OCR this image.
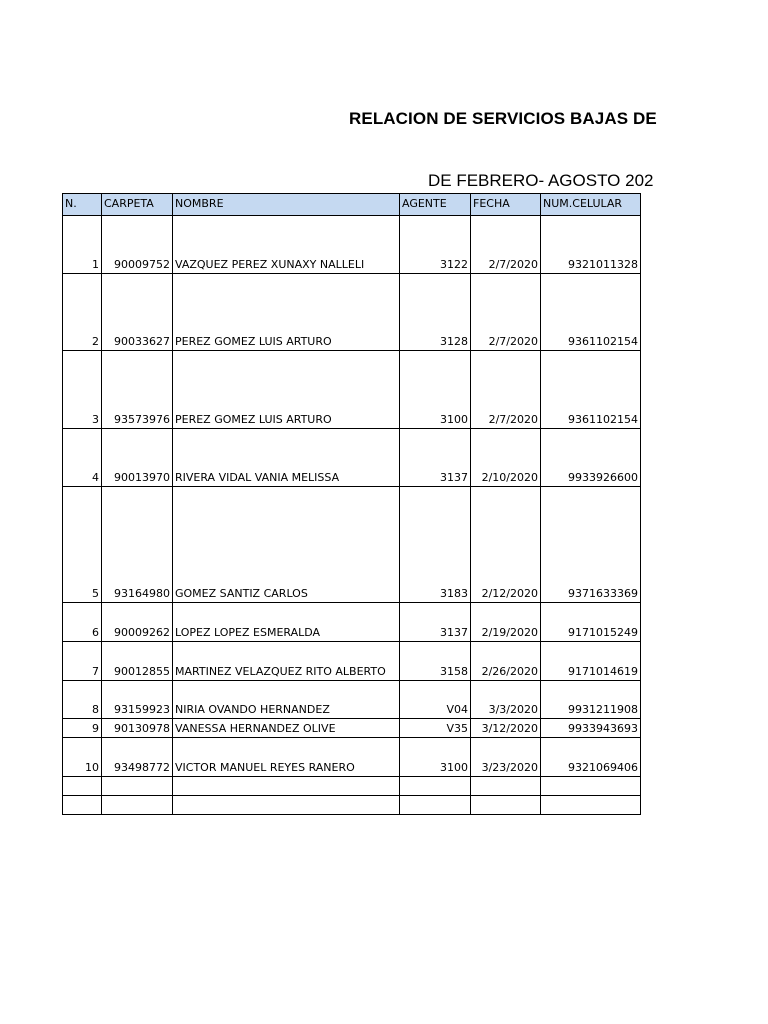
RELACION DE SERVICIOS BAJAS DE
DE FEBRERO- AGOSTO 202
N.	CARPETA	NOMBRE	AGENTE	FECHA	NUM.CELULAR
1	90009752	VAZQUEZ PEREZ XUNAXY NALLELI	3122	2/7/2020	9321011328
2	90033627	PEREZ GOMEZ LUIS ARTURO	3128	2/7/2020	9361102154
3	93573976	PEREZ GOMEZ LUIS ARTURO	3100	2/7/2020	9361102154
4	90013970	RIVERA VIDAL VANIA MELISSA	3137	2/10/2020	9933926600
5	93164980	GOMEZ SANTIZ CARLOS	3183	2/12/2020	9371633369
6	90009262	LOPEZ LOPEZ ESMERALDA	3137	2/19/2020	9171015249
7	90012855	MARTINEZ VELAZQUEZ RITO ALBERTO	3158	2/26/2020	9171014619
8	93159923	NIRIA OVANDO HERNANDEZ	V04	3/3/2020	9931211908
9	90130978	VANESSA HERNANDEZ OLIVE	V35	3/12/2020	9933943693
10	93498772	VICTOR MANUEL REYES RANERO	3100	3/23/2020	9321069406
